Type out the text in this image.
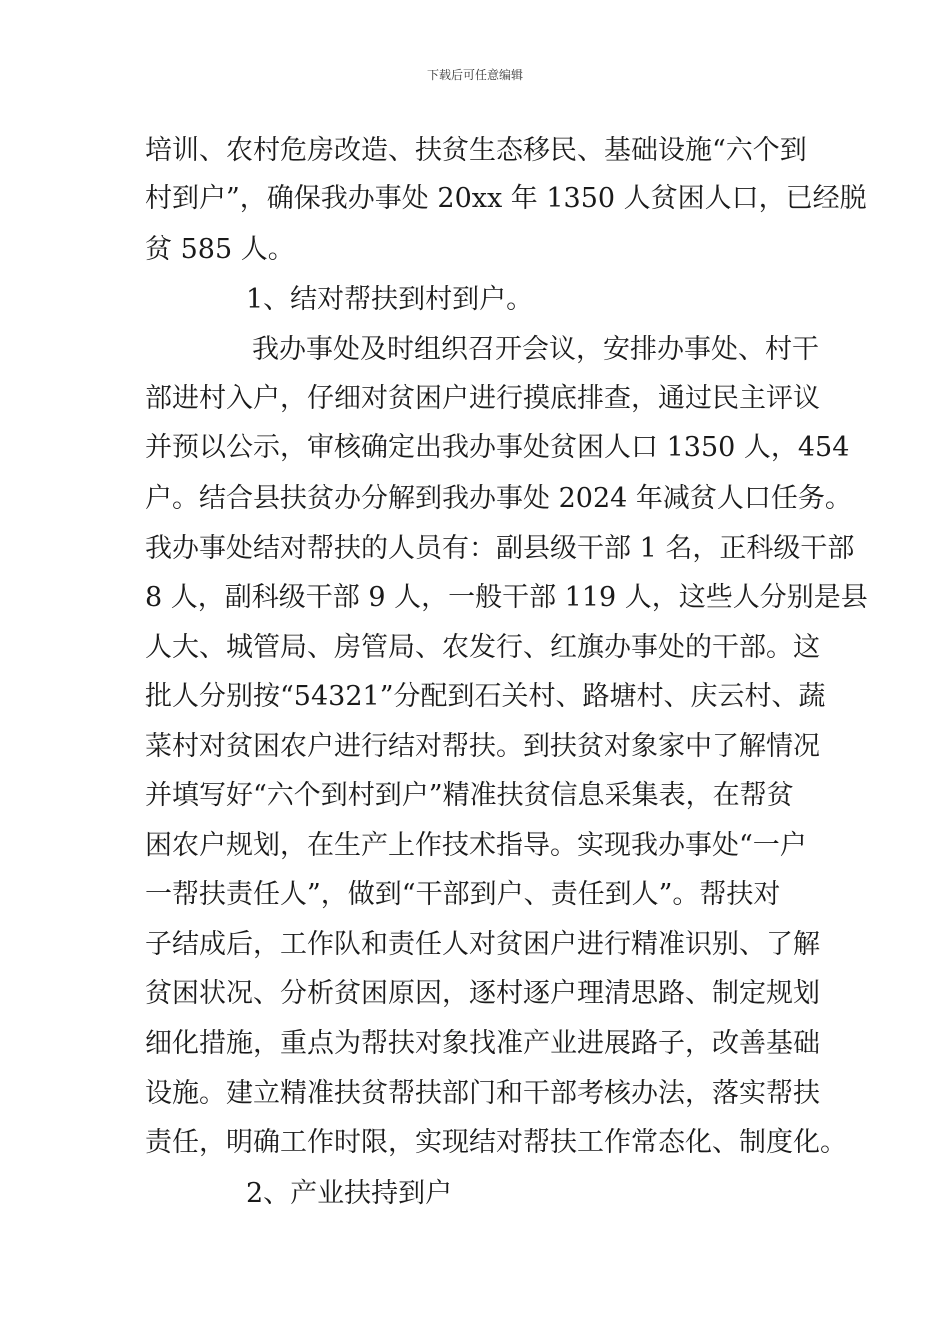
下载后可任意编辑
培训、农村危房改造、扶贫生态移民、基础设施“六个到
村到户”，确保我办事处 20xx 年 1350 人贫困人口，已经脱
贫 585 人。
1、结对帮扶到村到户。
我办事处及时组织召开会议，安排办事处、村干
部进村入户，仔细对贫困户进行摸底排查，通过民主评议
并预以公示，审核确定出我办事处贫困人口 1350 人，454
户。结合县扶贫办分解到我办事处 2024 年减贫人口任务。
我办事处结对帮扶的人员有：副县级干部 1 名，正科级干部
8 人，副科级干部 9 人，一般干部 119 人，这些人分别是县
人大、城管局、房管局、农发行、红旗办事处的干部。这
批人分别按“54321”分配到石关村、路塘村、庆云村、蔬
菜村对贫困农户进行结对帮扶。到扶贫对象家中了解情况
并填写好“六个到村到户”精准扶贫信息采集表，在帮贫
困农户规划，在生产上作技术指导。实现我办事处“一户
一帮扶责任人”，做到“干部到户、责任到人”。帮扶对
子结成后，工作队和责任人对贫困户进行精准识别、了解
贫困状况、分析贫困原因，逐村逐户理清思路、制定规划
细化措施，重点为帮扶对象找准产业进展路子，改善基础
设施。建立精准扶贫帮扶部门和干部考核办法，落实帮扶
责任，明确工作时限，实现结对帮扶工作常态化、制度化。
2、产业扶持到户
